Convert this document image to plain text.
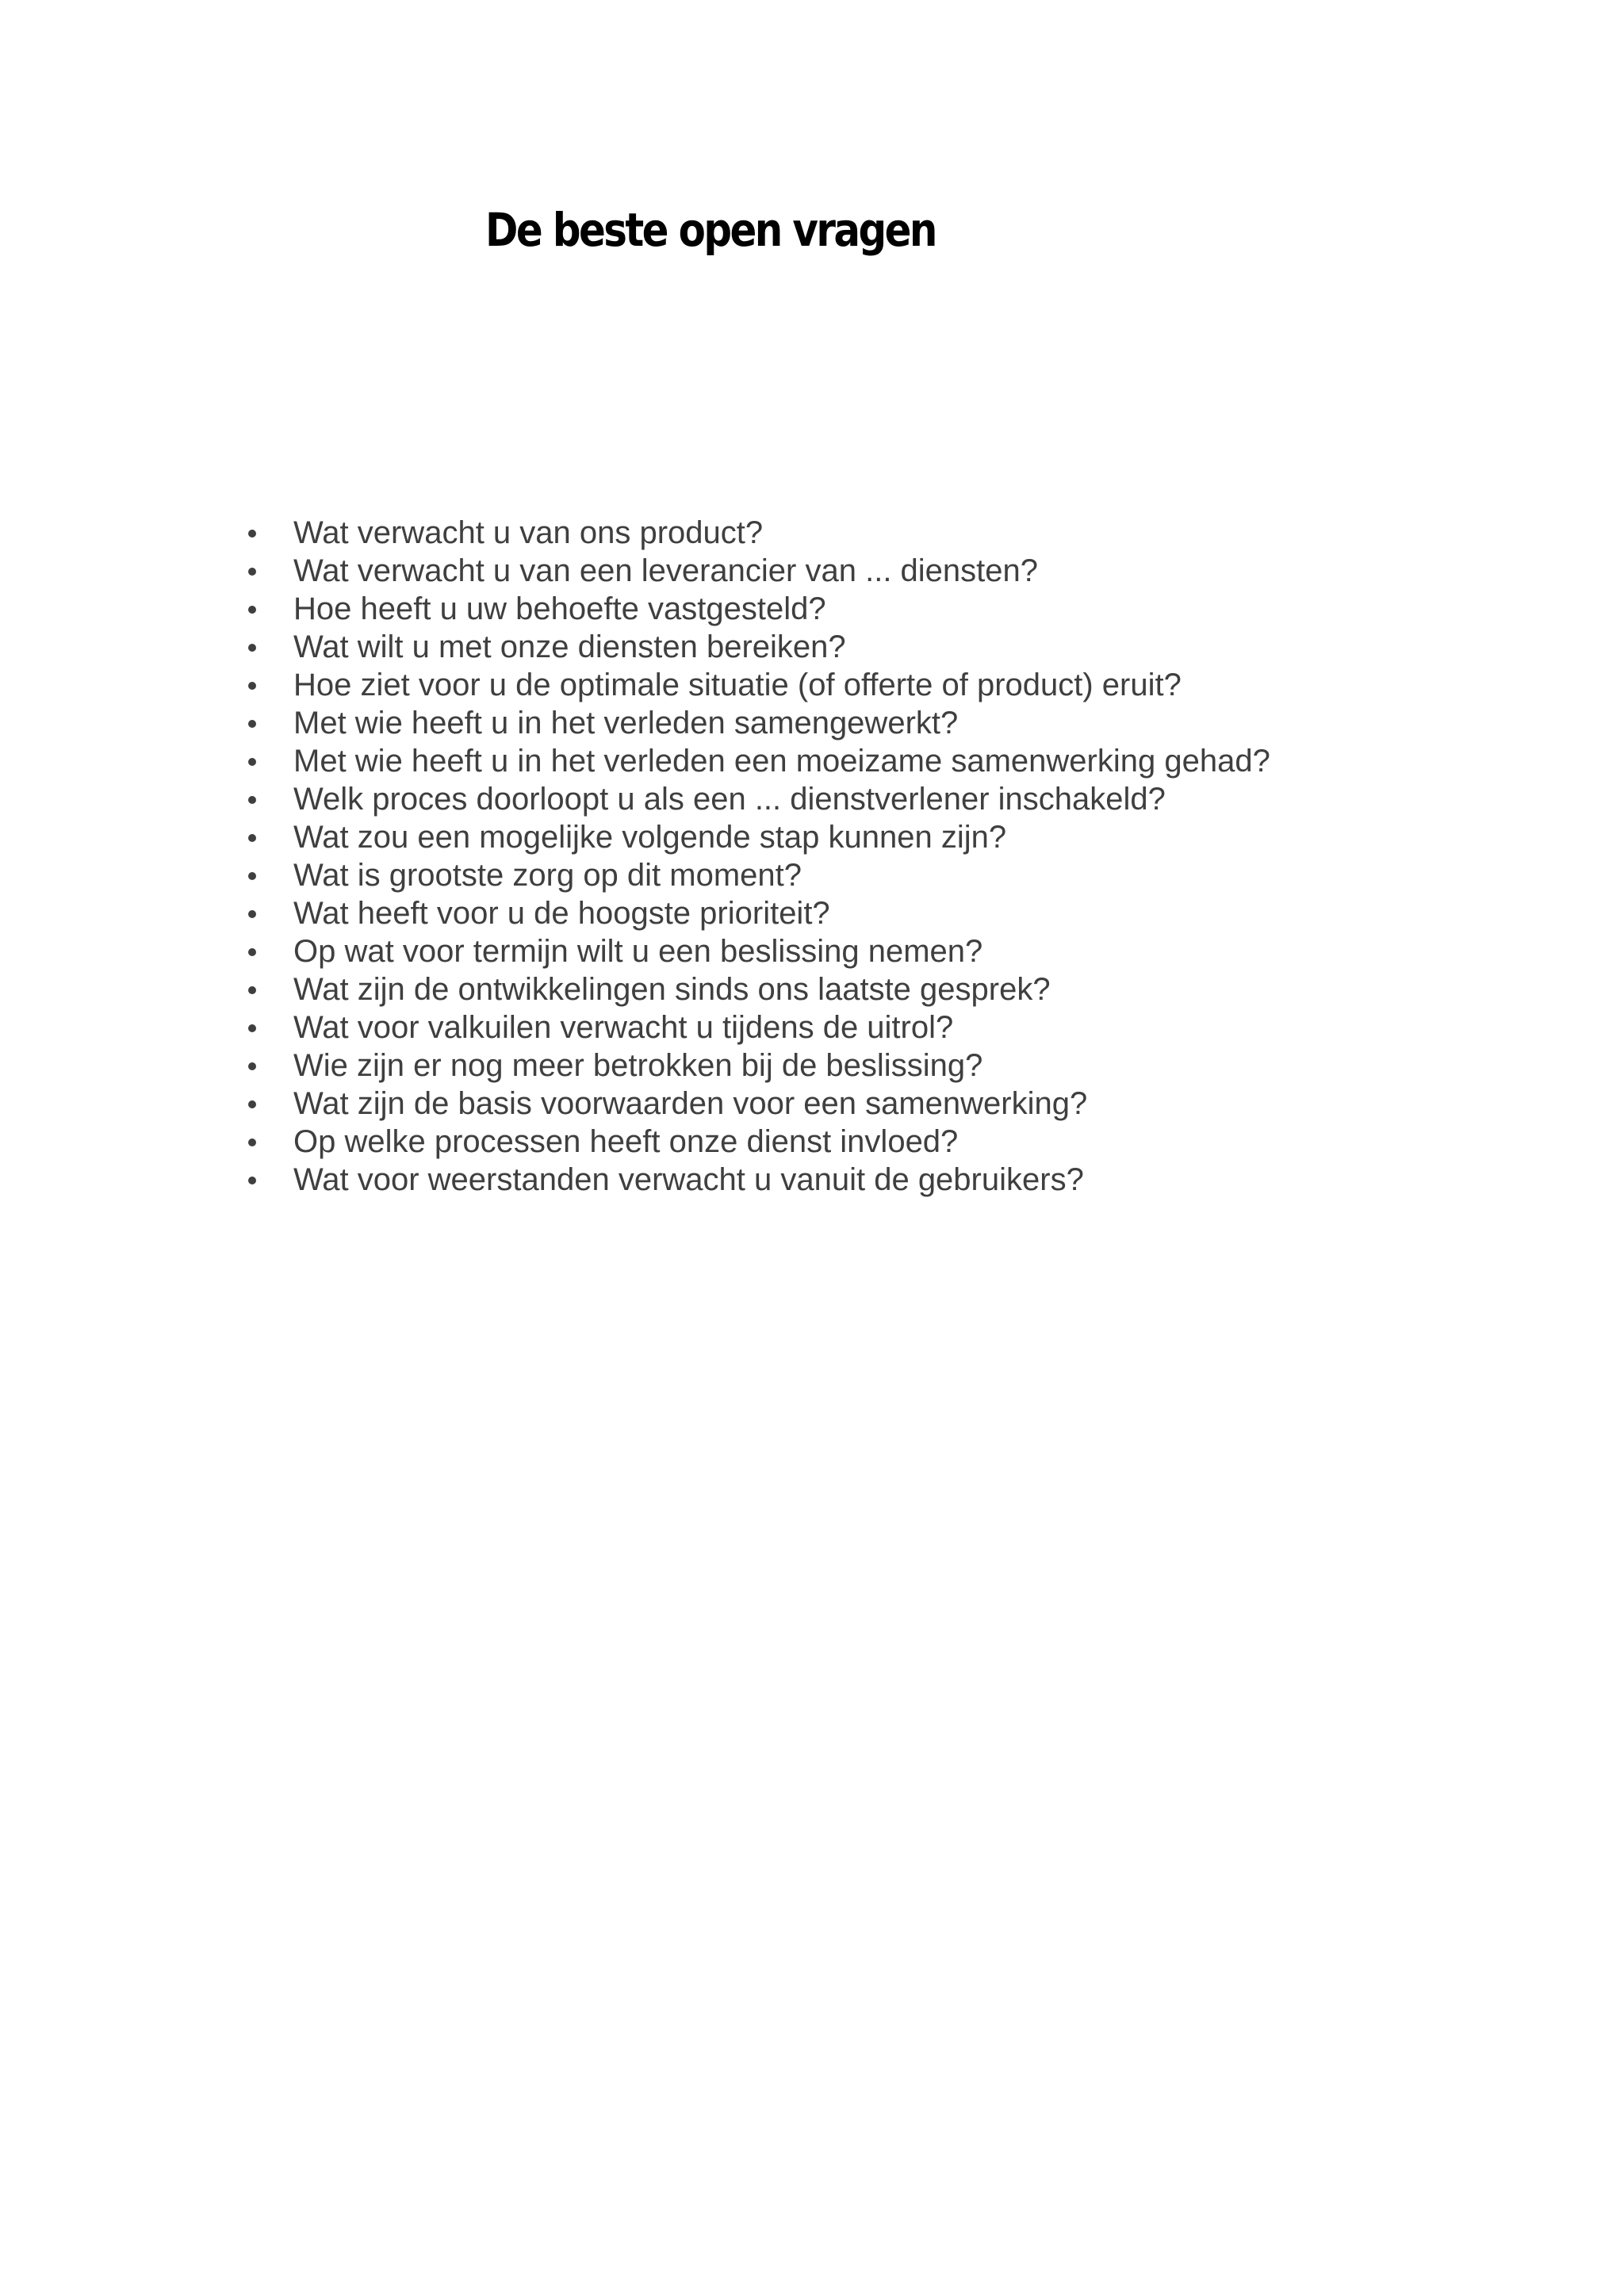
De beste open vragen
Wat verwacht u van ons product?
Wat verwacht u van een leverancier van ... diensten?
Hoe heeft u uw behoefte vastgesteld?
Wat wilt u met onze diensten bereiken?
Hoe ziet voor u de optimale situatie (of offerte of product) eruit?
Met wie heeft u in het verleden samengewerkt?
Met wie heeft u in het verleden een moeizame samenwerking gehad?
Welk proces doorloopt u als een ... dienstverlener inschakeld?
Wat zou een mogelijke volgende stap kunnen zijn?
Wat is grootste zorg op dit moment?
Wat heeft voor u de hoogste prioriteit?
Op wat voor termijn wilt u een beslissing nemen?
Wat zijn de ontwikkelingen sinds ons laatste gesprek?
Wat voor valkuilen verwacht u tijdens de uitrol?
Wie zijn er nog meer betrokken bij de beslissing?
Wat zijn de basis voorwaarden voor een samenwerking?
Op welke processen heeft onze dienst invloed?
Wat voor weerstanden verwacht u vanuit de gebruikers?
